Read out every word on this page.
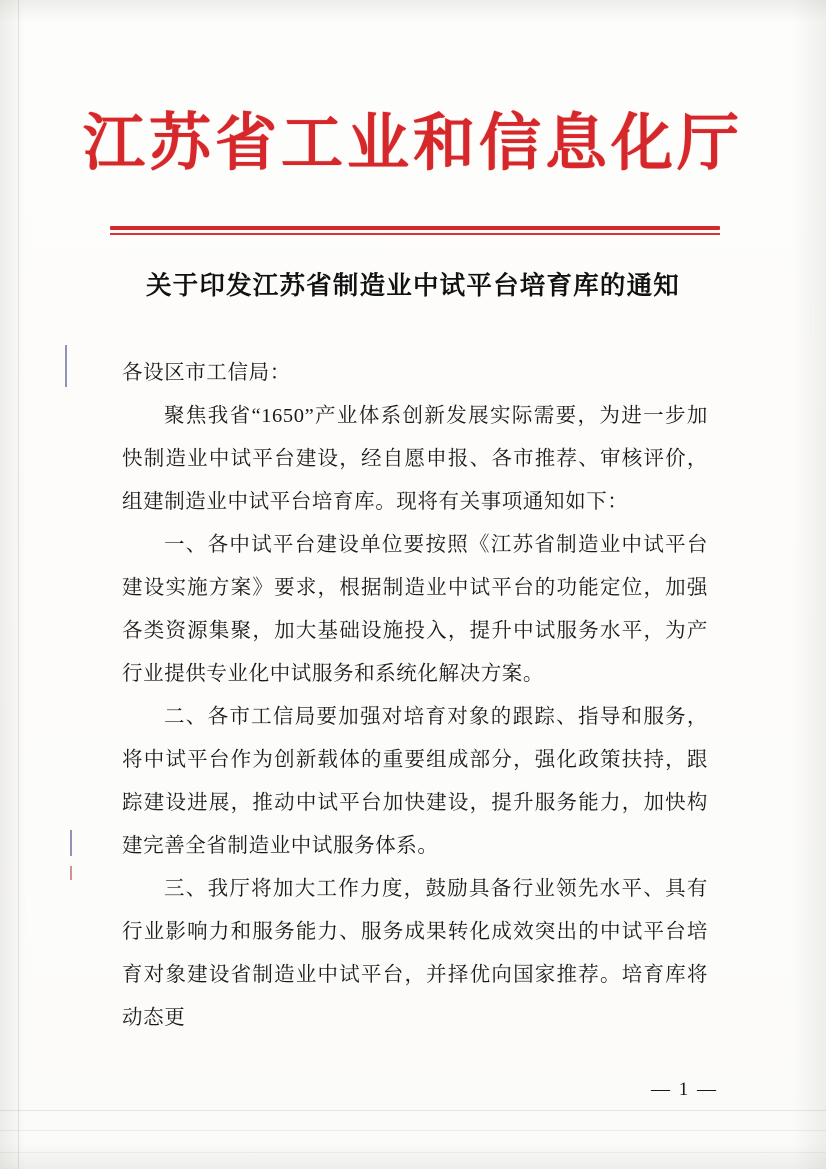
江苏省工业和信息化厅
关于印发江苏省制造业中试平台培育库的通知

各设区市工信局：

聚焦我省“1650”产业体系创新发展实际需要，为进一步加快制造业中试平台建设，经自愿申报、各市推荐、审核评价，组建制造业中试平台培育库。现将有关事项通知如下：

一、各中试平台建设单位要按照《江苏省制造业中试平台建设实施方案》要求，根据制造业中试平台的功能定位，加强各类资源集聚，加大基础设施投入，提升中试服务水平，为产行业提供专业化中试服务和系统化解决方案。

二、各市工信局要加强对培育对象的跟踪、指导和服务，将中试平台作为创新载体的重要组成部分，强化政策扶持，跟踪建设进展，推动中试平台加快建设，提升服务能力，加快构建完善全省制造业中试服务体系。

三、我厅将加大工作力度，鼓励具备行业领先水平、具有行业影响力和服务能力、服务成果转化成效突出的中试平台培育对象建设省制造业中试平台，并择优向国家推荐。培育库将动态更

— 1 —
